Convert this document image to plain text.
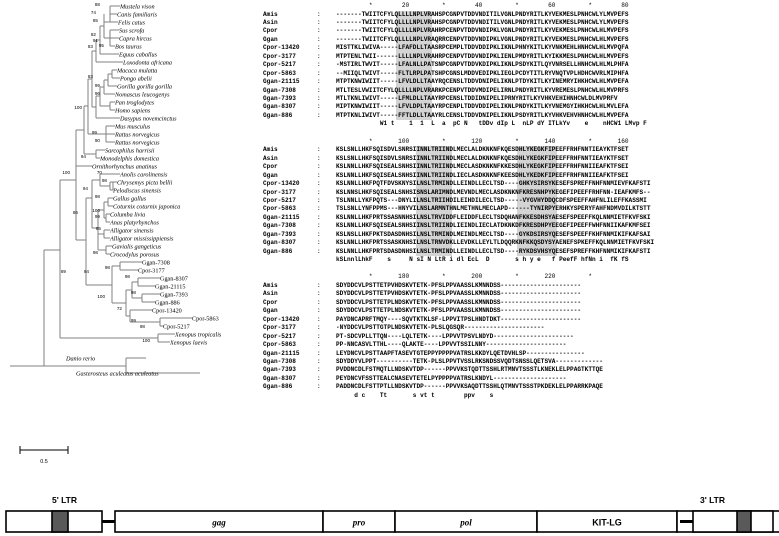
Mustela vison
Canis familiaris
Felis catus
Sus scrofa
Capra hircus
Bos taurus
Equus caballus
Loxodonta africana
Macaca mulatta
Pongo abelii
Gorilla gorilla gorilla
Nomascus leucogenys
Pan troglodytes
Homo sapiens
Dasypus novemcinctus
Mus musculus
Rattus norvegicus
Rattus norvegicus
Sarcophilus harrisii
Monodelphis domestica
Ornithorhynchus anatinus
Anolis carolinensis
Chrysemys picta bellii
Pelodiscus sinensis
Gallus gallus
Coturnix coturnix japonica
Columba livia
Anas platyrhynchos
Alligator sinensis
Alligator mississippiensis
Gavialis gangeticus
Crocodylus porosus
Ggan-7308
Cpor-3177
Ggan-8307
Ggan-21115
Ggan-7393
Ggan-886
Cpor-13420
Cpor-5863
Cpor-5217
Xenopus tropicalis
Xenopus laevis
Danio rerio
Gasterosteus aculeatus aculeatus
88
74
85
82
91
83 95
83
99
96
100
99
90
94
100	70
98
94
98
100
99
86
85
98
98
89	94
98
98
100
72
99
98
100
0.5
*        20         *        40         *        60         *        80
Amis	:	-------TWIITCFYLQLLLLNPLVRAHSPCGNPVTDDVNDITILVGNLPNDYRITLKYVEKMESLPNHCWLYLMVPEFS
Asin	:	-------TWIITCFYLQLLLLNPLVRAHSPCGNPVTDDVNDITILVGNLPNDYRITLKYVEKMESLPNHCWLYLMVPEFS
Cpor	:	-------TWIITCFYLQLLLLNPLVRAHRPCENPVTDDVNDIPKLVGNLPNDYRITLKYVEKMESLPNHCWLHLMVPEFS
Ggan	:	-------TWIITCFYLQLLLLNPLVRAQRRCENPVTDDVNDIPKLVGNLPNDYRITLKYVEKMESLPNHCWLHLMVPEFS
Cpor-13420	:	MISTTKLIWIVA-----LFAFDLLTAASRPCEMPLTDDVDDIPKLIKNLPHNYKITLKYVNKMEHLHNHCWLHLMVPQFA
Cpor-3177	:	MTPTENLTWII------LLLLNPLVRAHRPCENPVTDDVNDIPKLIENLPMDYRITLKYIKKMESLPNHCWLHLMVPEFS
Cpor-5217	:	-MSTIRLTWVIT-----LFALNLLPATSNPCGNPVTDDVKDIPKLIKNLPSDYKITLQYVNRSELLHNHCWLHLMLPHFA
Cpor-5863	:	--MIIQLTWIVT-----FLTLRPLPATSHPCGNSLMDDVEDIPKLIEGLPCDYTITLRYVNQTVPLHDHCWVRLMIPHFA
Ggan-21115	:	MTPTKNWIWIIT-----LFVLDLLTAAYRQCENSLTDDVDNIPELIKNLPTDYKITLKYINEMRYIHKHCWLHLMVPEFA
Ggan-7308	:	MTLTESLVWIITCFYLQLLLLNPLVRARKPCENPVTDDVMDIPELIRNLPNDYRITLKYVREMESLPNHCWLHLMVPRFS
Ggan-7393	:	MTLTKNLIWIVT-----LFMLDLLTAAYRPCENSLTDDIDNIPELIPRNYRITLKYVHKVEHIHNHCWLDLMVPRFV
Ggan-8307	:	MIPTKNWIWIIT-----LFVLDPLTAAYRPCENPLTDDVDDIPELIKNLPNDYKITLKYVNEMGYIHKHCWLHLMVLEFA
Ggan-886	:	MTPTKNLIWIVT-----FFTLDLLTAAYRLCENSLTDDVDNIPELIKNLPSDYRITLKYVHKVEHVHNHCWLHLMVPEFA
W1 t    1  1  L  a  pC N   tDDv dIp L  nLP dY ITLkYv    e    nHCW1 LMvp F
*       100         *       120         *       140         *       160
Amis	:	KSLSNLLHKFSQISDVLSNRSIINNLTRIINDLMECLALDKNKNFKQESDHLYKEGKFIPEEFFRHFNNTIEAYKTFSET
Asin	:	KSLSNLLHKFSQISDVLSNRSIINNLTRIINDLMECLALDKNKNFKQESDHLYKEGKFIPEEFFRHFNNTIEAYKTFSET
Cpor	:	KSLNNLLHKFSQISEALSNHSIINNLTRIINDLMECLASDKNKNFKKESDHLYKEGKFIPEEFFRHFNNIIEAFKTFSEI
Ggan	:	KSLNNLLHKFSQISEALSNHSIINNLTRIINDLIECLASDKNKNFKEESDHLYKEDKFIPEEFFRHFNNIIEAFKTFSEI
Cpor-13420	:	KSLNNLLHKFPQTFDVSKNYSILNSLTRMINDLLEINDLLECLTSD----GHKYSIRSYKESEFSPREFFNHFNNMIEVFKAFSTI
Cpor-3177	:	KSLNNSLHKFSQISEALSNHSISNSLARIMNDLMEVNDLMECLASDKNKNFKRESNHPYKEGEFIPEEFFRHFNN-IEAFKMFS--
Cpor-5217	:	TSLNNLLYKFPQTS---DNYLILNSLTRIIHDILEIHDILECLTSD-----VYGVHYDDQCDFSPEEFFAHFNLILEFFKASSMI
Cpor-5863	:	TSLSNLLYNFPPMS---HNYVILNSLARMNTHNLMETHNLMECLAPD------TYNIRPYERHKYSPERYFAHFNDMVDILKTSTT
Ggan-21115	:	KSLNNLLHKFPRTSSASNNHSILNSLTRVIDDFLEIDDFLECLTSDQHANFKKESDHSYAESEFSPEEFFKQLNNMIETFKVFSKI
Ggan-7308	:	KSLNNLLHKFSQISEALSNHSIINSLTRIINDLIEINDLIECLATDKNKDFKRESDHPYEEGEFIPEEFFWHFNNIIKAFKMFSEI
Ggan-7393	:	KSLNSLLHKFPKTSDASDNHSILNSLTRMINDLMEINDLMECLTSD----GYKDSIRSYQESEFSPEEFFKHFNNMIKIFKAFSAI
Ggan-8307	:	KSLNNLLHKFPRTSSASKNHSILNSLTRNVDKLLEVDKLLEYLTLDQQRKNFKKQSDYSYAENEFSPKEFFKQLNNMIETFKVFSKI
Ggan-886	:	KSLNNLLHKFPRTSDASDNHSILNSLTRMINDLLEINDLLECLTSD----RYKDSVHSYQESEFSPREFFKHFNNMIKIFKAFSTI
kSLnnlLhkF    s     N sI N LtR i dl EcL  D       s h y e   f PeefF hfNn i  fK fS
*       180         *       200         *       220         *
Amis	:	SDYDDCVLPSTTETPVHDSKVTETK-PFSLPPVAASSLKMNNDSS----------------------
Asin	:	SDYDDCVLPSTTETPVHDSKVTETK-PFSLPPVAASSLKMNNDSS----------------------
Cpor	:	SDYDDCVLPSTTETPLNDSKVTETK-PFSLPPVAASSLKMNNDSS----------------------
Ggan	:	SDYDDCVLPSTTETPLNDSKVTETK-PFSLPPVAASSLKMNNDSS----------------------
Cpor-13420	:	PAYDNCAPRFTMQY----SQVTKTKLSF-LPPVITPSLHNDTDKT----------------------
Cpor-3177	:	-NYDDCVLPSTTGTPLNDSKVTETK-PLSLQGSQR----------------------
Cpor-5217	:	PT-SDCVPLLTTQN----LQLTETK----LPPVVTPSVLNDYD----------------------
Cpor-5863	:	PP-NNCASVLTTHL----QLAKTE----LPPVVTSSILNNY----------------------
Ggan-21115	:	LEYDNCVLPSTTAAPFTASEVTGTEPPYPPPPVATRSLKKDYLQETDVHLSP----------------
Ggan-7308	:	SDYDDYVLPPT----------TETK-PLSLPPVTVSSLRKSNDSSVQDTSNSSLQETSVA-------------
Ggan-7393	:	PVDDNCDLFSTMQTLLNDSKVTDP------PPVVKSTQDTTSSHLRTMNVTSSSTLKNEKLELPPAGTKTTQE
Ggan-8307	:	PEYDNCVFSSTTEALCNASEVTETELPYPPPPVATRSLKNDYL--------------------
Ggan-886	:	PADDNCDLFSTTPTLLNDSKVTDP------PPVVKSAQDTTSSHLQTMNVTSSSTPKDEKLELPPARRKPAQE
d c    Tt       s vt t        ppv    s
5' LTR	3' LTR
gag	pro	pol	KIT-LG
